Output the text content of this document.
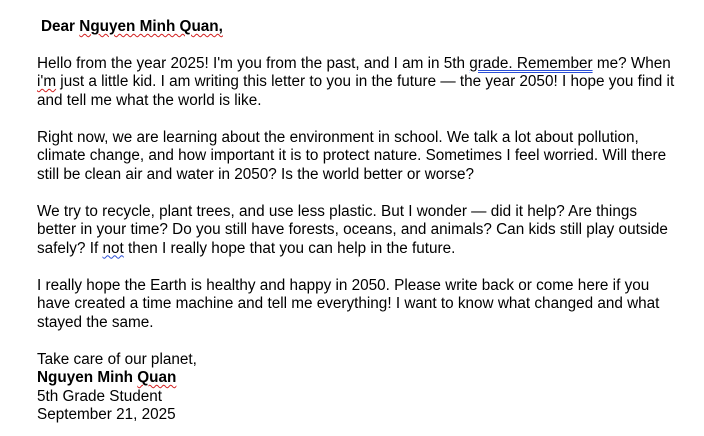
Dear Nguyen Minh Quan,

Hello from the year 2025! I'm you from the past, and I am in 5th grade. Remember me? When i'm just a little kid. I am writing this letter to you in the future — the year 2050! I hope you find it and tell me what the world is like.

Right now, we are learning about the environment in school. We talk a lot about pollution, climate change, and how important it is to protect nature. Sometimes I feel worried. Will there still be clean air and water in 2050? Is the world better or worse?

We try to recycle, plant trees, and use less plastic. But I wonder — did it help? Are things better in your time? Do you still have forests, oceans, and animals? Can kids still play outside safely? If not then I really hope that you can help in the future.

I really hope the Earth is healthy and happy in 2050. Please write back or come here if you have created a time machine and tell me everything! I want to know what changed and what stayed the same.

Take care of our planet,

Nguyen Minh Quan
5th Grade Student
September 21, 2025
